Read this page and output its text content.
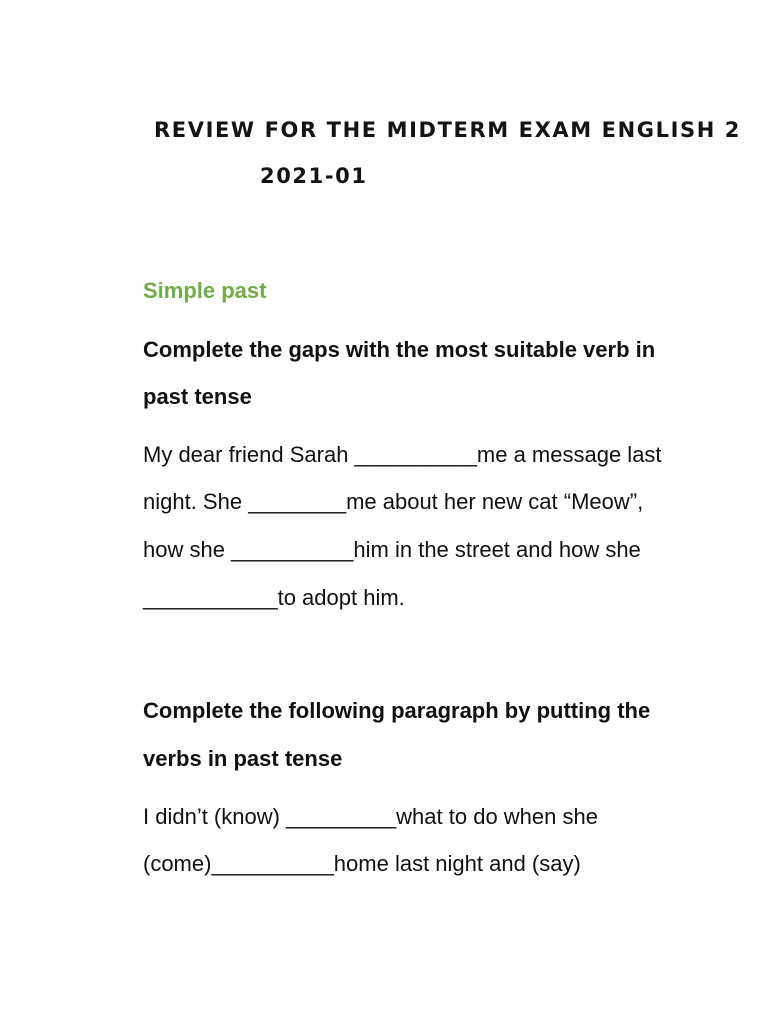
REVIEW FOR THE MIDTERM EXAM ENGLISH 2
2021-01
Simple past
Complete the gaps with the most suitable verb in
past tense
My dear friend Sarah __________me a message last
night. She ________me about her new cat “Meow”,
how she __________him in the street and how she
___________to adopt him.
Complete the following paragraph by putting the
verbs in past tense
I didn’t (know) _________what to do when she
(come)__________home last night and (say)
